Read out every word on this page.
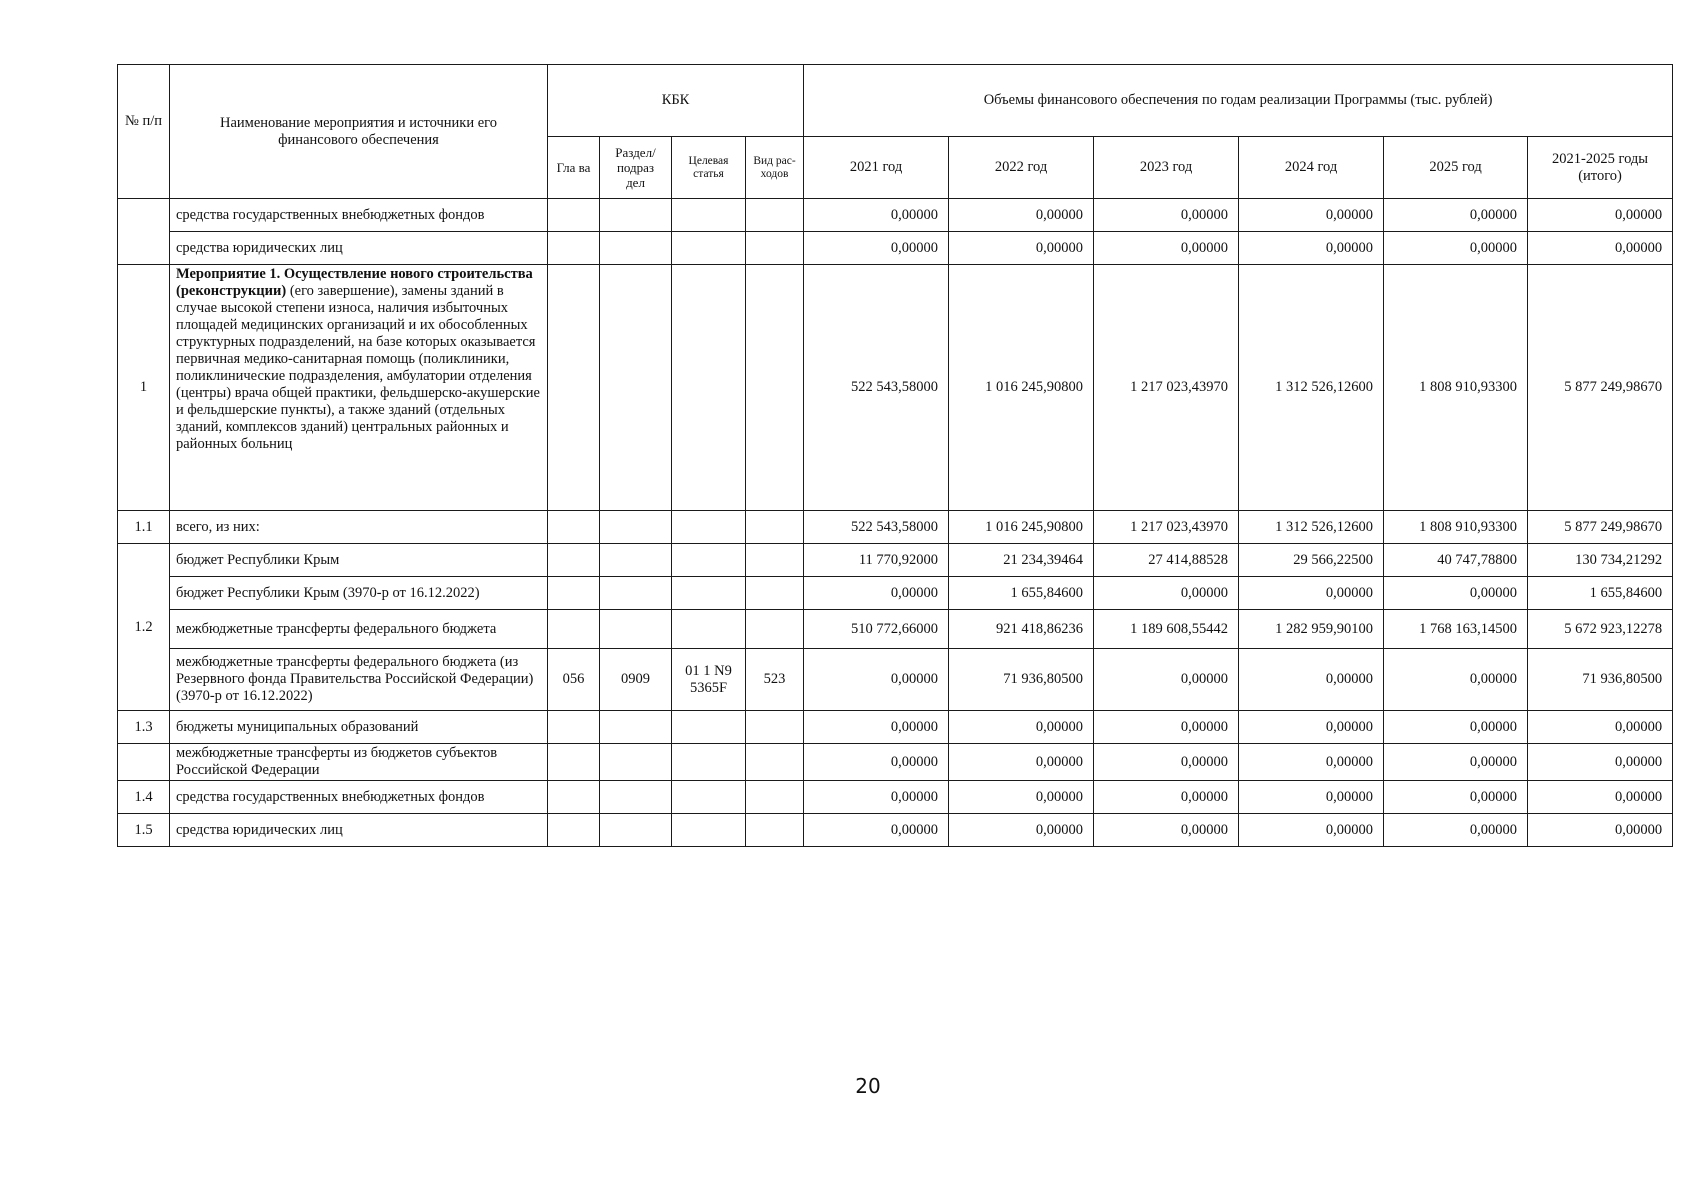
№ п/п	Наименование мероприятия и источники его финансового обеспечения	КБК				Объемы финансового обеспечения по годам реализации Программы (тыс. рублей)					
		Гла ва	Раздел/ подраз дел	Целевая статья	Вид рас- ходов	2021 год	2022 год	2023 год	2024 год	2025 год	2021-2025 годы (итого)
	средства государственных внебюджетных фондов					0,00000	0,00000	0,00000	0,00000	0,00000	0,00000
	средства юридических лиц					0,00000	0,00000	0,00000	0,00000	0,00000	0,00000
1	Мероприятие 1. Осуществление нового строительства (реконструкции) (его завершение), замены зданий в случае высокой степени износа, наличия избыточных площадей медицинских организаций и их обособленных структурных подразделений, на базе которых оказывается первичная медико-санитарная помощь (поликлиники, поликлинические подразделения, амбулатории отделения (центры) врача общей практики, фельдшерско-акушерские и фельдшерские пункты), а также зданий (отдельных зданий, комплексов зданий) центральных районных и районных больниц					522 543,58000	1 016 245,90800	1 217 023,43970	1 312 526,12600	1 808 910,93300	5 877 249,98670
1.1	всего, из них:					522 543,58000	1 016 245,90800	1 217 023,43970	1 312 526,12600	1 808 910,93300	5 877 249,98670
1.2	бюджет Республики Крым					11 770,92000	21 234,39464	27 414,88528	29 566,22500	40 747,78800	130 734,21292
	бюджет Республики Крым (3970-р от 16.12.2022)					0,00000	1 655,84600	0,00000	0,00000	0,00000	1 655,84600
	межбюджетные трансферты федерального бюджета					510 772,66000	921 418,86236	1 189 608,55442	1 282 959,90100	1 768 163,14500	5 672 923,12278
	межбюджетные трансферты федерального бюджета (из Резервного фонда Правительства Российской Федерации) (3970-р от 16.12.2022)	056	0909	01 1 N9 5365F	523	0,00000	71 936,80500	0,00000	0,00000	0,00000	71 936,80500
1.3	бюджеты муниципальных образований					0,00000	0,00000	0,00000	0,00000	0,00000	0,00000
	межбюджетные трансферты из бюджетов субъектов Российской Федерации					0,00000	0,00000	0,00000	0,00000	0,00000	0,00000
1.4	средства государственных внебюджетных фондов					0,00000	0,00000	0,00000	0,00000	0,00000	0,00000
1.5	средства юридических лиц					0,00000	0,00000	0,00000	0,00000	0,00000	0,00000
20
